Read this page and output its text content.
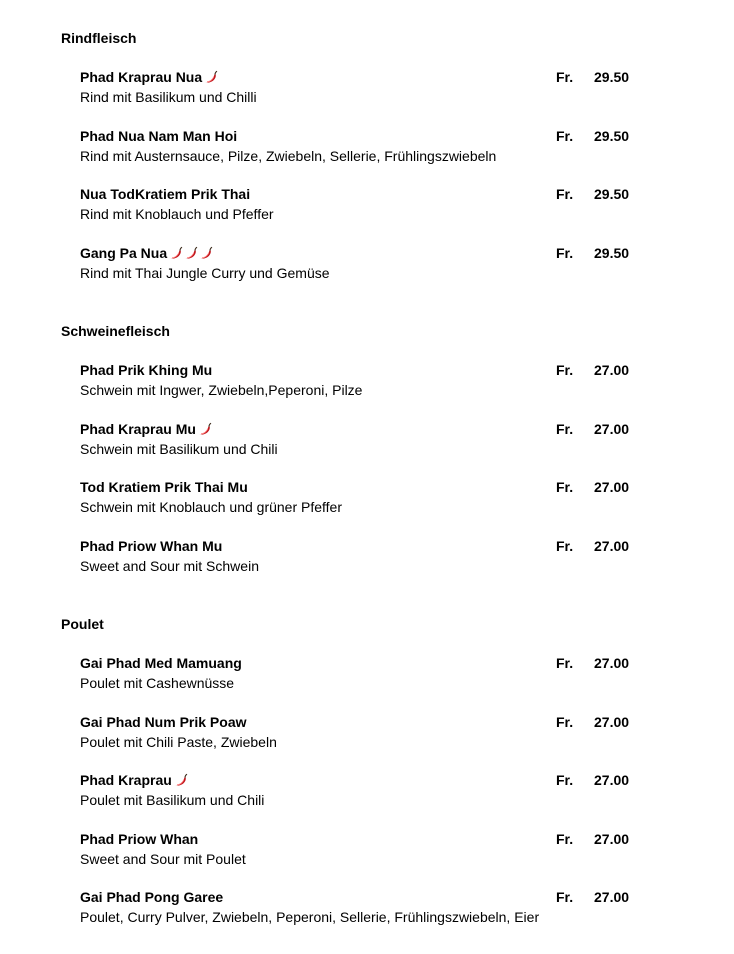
Rindfleisch
Phad Kraprau Nua
Rind mit Basilikum und Chilli
Fr. 29.50
Phad Nua Nam Man Hoi
Rind mit Austernsauce, Pilze, Zwiebeln, Sellerie, Frühlingszwiebeln
Fr. 29.50
Nua TodKratiem Prik Thai
Rind mit Knoblauch und Pfeffer
Fr. 29.50
Gang Pa Nua
Rind mit Thai Jungle Curry und Gemüse
Fr. 29.50
Schweinefleisch
Phad Prik Khing Mu
Schwein mit Ingwer, Zwiebeln,Peperoni, Pilze
Fr. 27.00
Phad Kraprau Mu
Schwein mit Basilikum und Chili
Fr. 27.00
Tod Kratiem Prik Thai Mu
Schwein mit Knoblauch und grüner Pfeffer
Fr. 27.00
Phad Priow Whan Mu
Sweet and Sour mit Schwein
Fr. 27.00
Poulet
Gai Phad Med Mamuang
Poulet mit Cashewnüsse
Fr. 27.00
Gai Phad Num Prik Poaw
Poulet mit Chili Paste, Zwiebeln
Fr. 27.00
Phad Kraprau
Poulet mit Basilikum und Chili
Fr. 27.00
Phad Priow Whan
Sweet and Sour mit Poulet
Fr. 27.00
Gai Phad Pong Garee
Poulet, Curry Pulver, Zwiebeln, Peperoni, Sellerie, Frühlingszwiebeln, Eier
Fr. 27.00
